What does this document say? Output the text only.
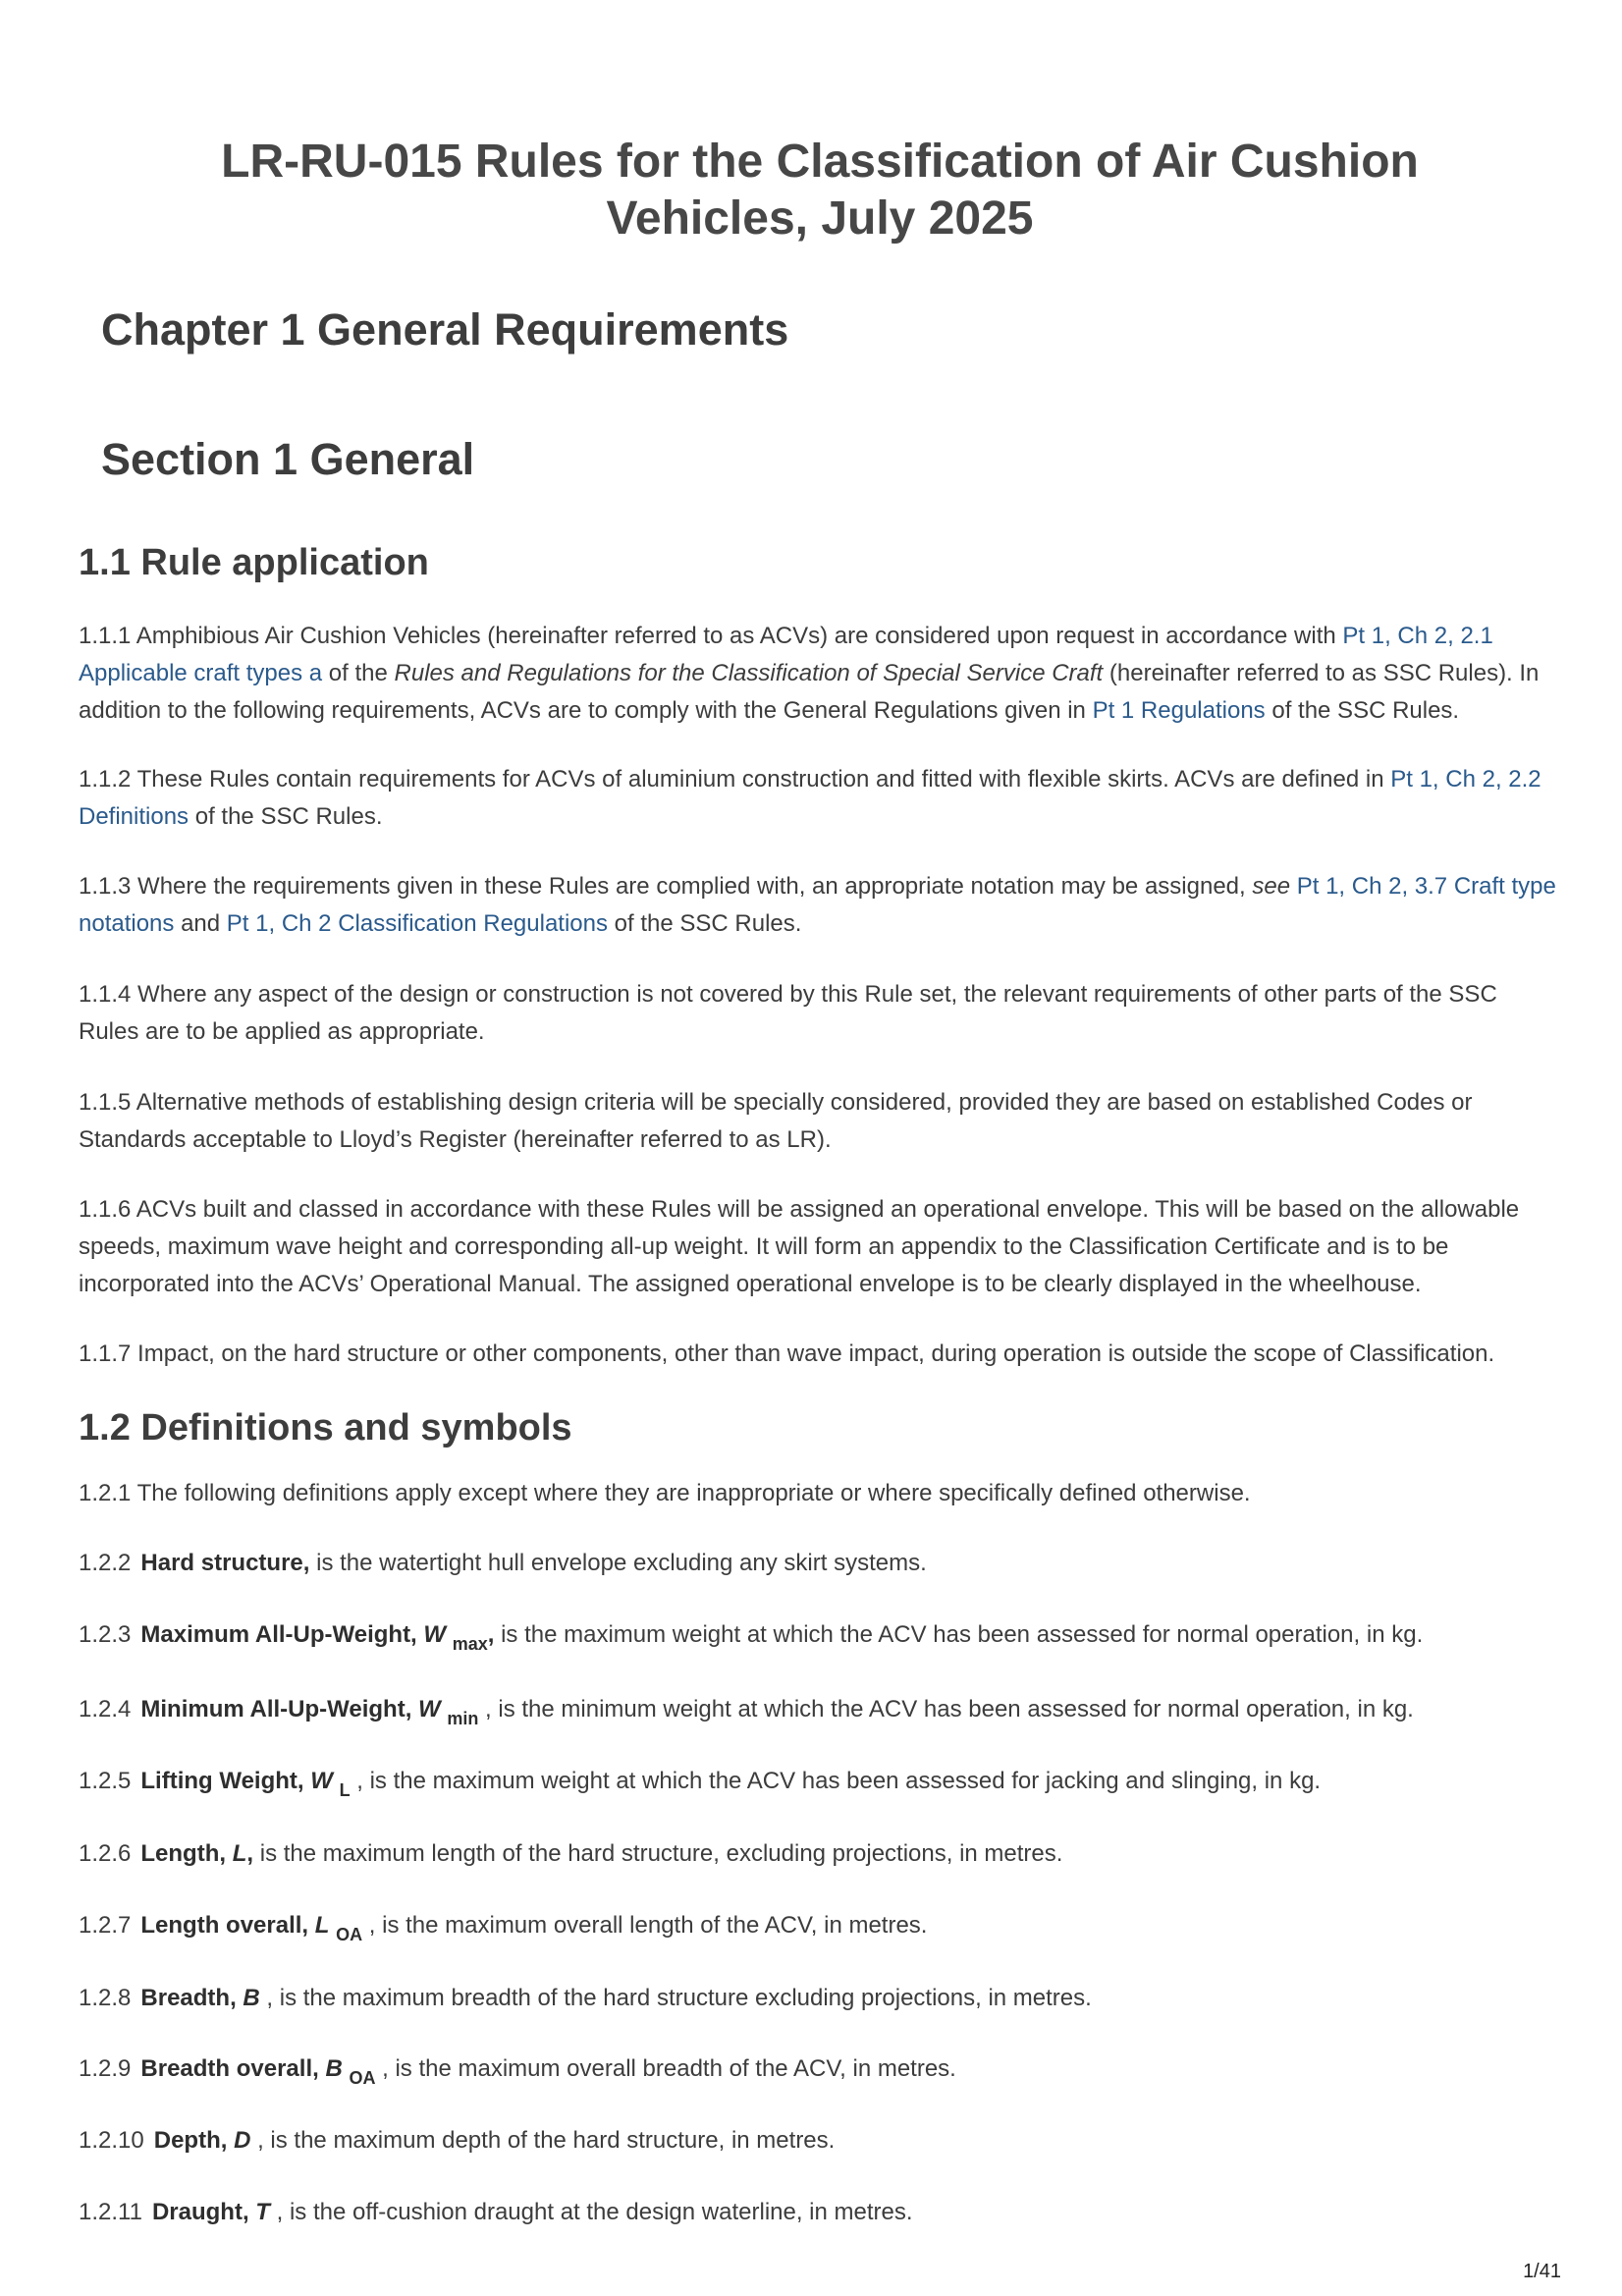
LR-RU-015 Rules for the Classification of Air Cushion Vehicles, July 2025
Chapter 1 General Requirements
Section 1 General
1.1 Rule application
1.1.1 Amphibious Air Cushion Vehicles (hereinafter referred to as ACVs) are considered upon request in accordance with Pt 1, Ch 2, 2.1 Applicable craft types a of the Rules and Regulations for the Classification of Special Service Craft (hereinafter referred to as SSC Rules). In addition to the following requirements, ACVs are to comply with the General Regulations given in Pt 1 Regulations of the SSC Rules.
1.1.2 These Rules contain requirements for ACVs of aluminium construction and fitted with flexible skirts. ACVs are defined in Pt 1, Ch 2, 2.2 Definitions of the SSC Rules.
1.1.3 Where the requirements given in these Rules are complied with, an appropriate notation may be assigned, see Pt 1, Ch 2, 3.7 Craft type notations and Pt 1, Ch 2 Classification Regulations of the SSC Rules.
1.1.4 Where any aspect of the design or construction is not covered by this Rule set, the relevant requirements of other parts of the SSC Rules are to be applied as appropriate.
1.1.5 Alternative methods of establishing design criteria will be specially considered, provided they are based on established Codes or Standards acceptable to Lloyd’s Register (hereinafter referred to as LR).
1.1.6 ACVs built and classed in accordance with these Rules will be assigned an operational envelope. This will be based on the allowable speeds, maximum wave height and corresponding all-up weight. It will form an appendix to the Classification Certificate and is to be incorporated into the ACVs’ Operational Manual. The assigned operational envelope is to be clearly displayed in the wheelhouse.
1.1.7 Impact, on the hard structure or other components, other than wave impact, during operation is outside the scope of Classification.
1.2 Definitions and symbols
1.2.1 The following definitions apply except where they are inappropriate or where specifically defined otherwise.
1.2.2 Hard structure, is the watertight hull envelope excluding any skirt systems.
1.2.3 Maximum All-Up-Weight, W $_{max}$, is the maximum weight at which the ACV has been assessed for normal operation, in kg.
1.2.4 Minimum All-Up-Weight, W $_{min}$ , is the minimum weight at which the ACV has been assessed for normal operation, in kg.
1.2.5 Lifting Weight, W $_L$ , is the maximum weight at which the ACV has been assessed for jacking and slinging, in kg.
1.2.6 Length, L, is the maximum length of the hard structure, excluding projections, in metres.
1.2.7 Length overall, L $_{OA}$ , is the maximum overall length of the ACV, in metres.
1.2.8 Breadth, B , is the maximum breadth of the hard structure excluding projections, in metres.
1.2.9 Breadth overall, B $_{OA}$ , is the maximum overall breadth of the ACV, in metres.
1.2.10 Depth, D , is the maximum depth of the hard structure, in metres.
1.2.11 Draught, T , is the off-cushion draught at the design waterline, in metres.
1/41
